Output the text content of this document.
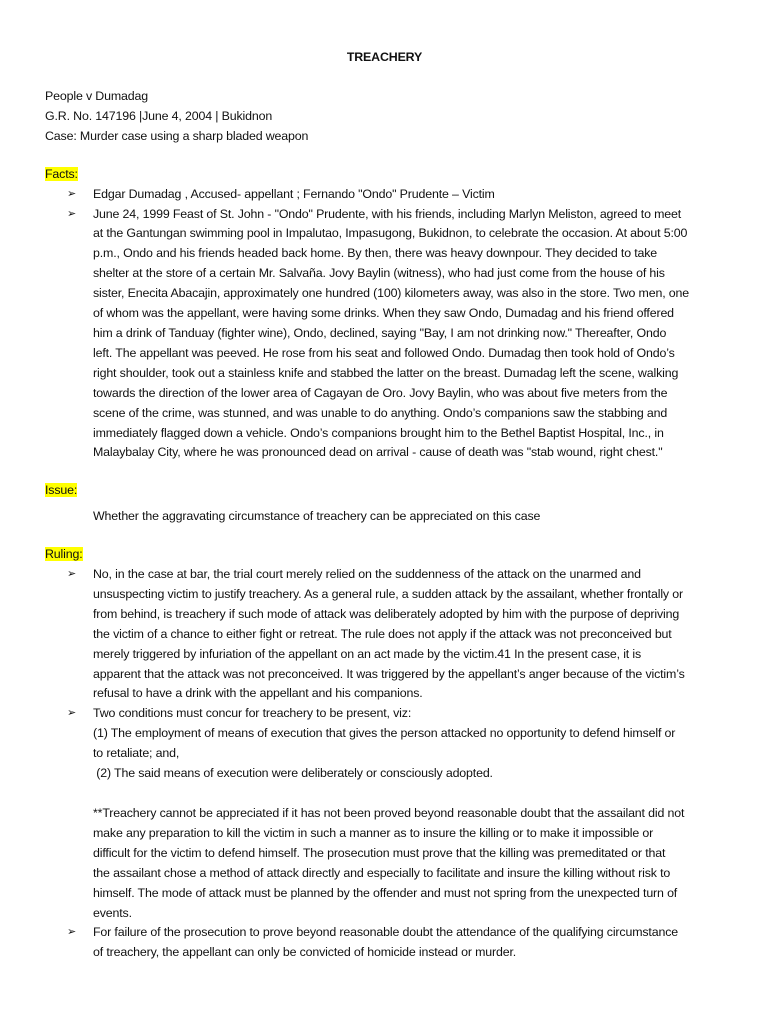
TREACHERY
People v Dumadag
G.R. No. 147196 |June 4, 2004 | Bukidnon
Case: Murder case using a sharp bladed weapon
Facts:
➢ Edgar Dumadag , Accused- appellant ; Fernando "Ondo" Prudente – Victim
➢ June 24, 1999 Feast of St. John - "Ondo" Prudente, with his friends, including Marlyn Meliston, agreed to meet
at the Gantungan swimming pool in Impalutao, Impasugong, Bukidnon, to celebrate the occasion. At about 5:00
p.m., Ondo and his friends headed back home. By then, there was heavy downpour. They decided to take
shelter at the store of a certain Mr. Salvaña. Jovy Baylin (witness), who had just come from the house of his
sister, Enecita Abacajin, approximately one hundred (100) kilometers away, was also in the store. Two men, one
of whom was the appellant, were having some drinks. When they saw Ondo, Dumadag and his friend offered
him a drink of Tanduay (fighter wine), Ondo, declined, saying "Bay, I am not drinking now." Thereafter, Ondo
left. The appellant was peeved. He rose from his seat and followed Ondo. Dumadag then took hold of Ondo’s
right shoulder, took out a stainless knife and stabbed the latter on the breast. Dumadag left the scene, walking
towards the direction of the lower area of Cagayan de Oro. Jovy Baylin, who was about five meters from the
scene of the crime, was stunned, and was unable to do anything. Ondo’s companions saw the stabbing and
immediately flagged down a vehicle. Ondo’s companions brought him to the Bethel Baptist Hospital, Inc., in
Malaybalay City, where he was pronounced dead on arrival - cause of death was "stab wound, right chest."
Issue:
Whether the aggravating circumstance of treachery can be appreciated on this case
Ruling:
➢ No, in the case at bar, the trial court merely relied on the suddenness of the attack on the unarmed and
unsuspecting victim to justify treachery. As a general rule, a sudden attack by the assailant, whether frontally or
from behind, is treachery if such mode of attack was deliberately adopted by him with the purpose of depriving
the victim of a chance to either fight or retreat. The rule does not apply if the attack was not preconceived but
merely triggered by infuriation of the appellant on an act made by the victim.41 In the present case, it is
apparent that the attack was not preconceived. It was triggered by the appellant’s anger because of the victim’s
refusal to have a drink with the appellant and his companions.
➢ Two conditions must concur for treachery to be present, viz:
(1) The employment of means of execution that gives the person attacked no opportunity to defend himself or
to retaliate; and,
(2) The said means of execution were deliberately or consciously adopted.
**Treachery cannot be appreciated if it has not been proved beyond reasonable doubt that the assailant did not
make any preparation to kill the victim in such a manner as to insure the killing or to make it impossible or
difficult for the victim to defend himself. The prosecution must prove that the killing was premeditated or that
the assailant chose a method of attack directly and especially to facilitate and insure the killing without risk to
himself. The mode of attack must be planned by the offender and must not spring from the unexpected turn of
events.
➢ For failure of the prosecution to prove beyond reasonable doubt the attendance of the qualifying circumstance
of treachery, the appellant can only be convicted of homicide instead or murder.
